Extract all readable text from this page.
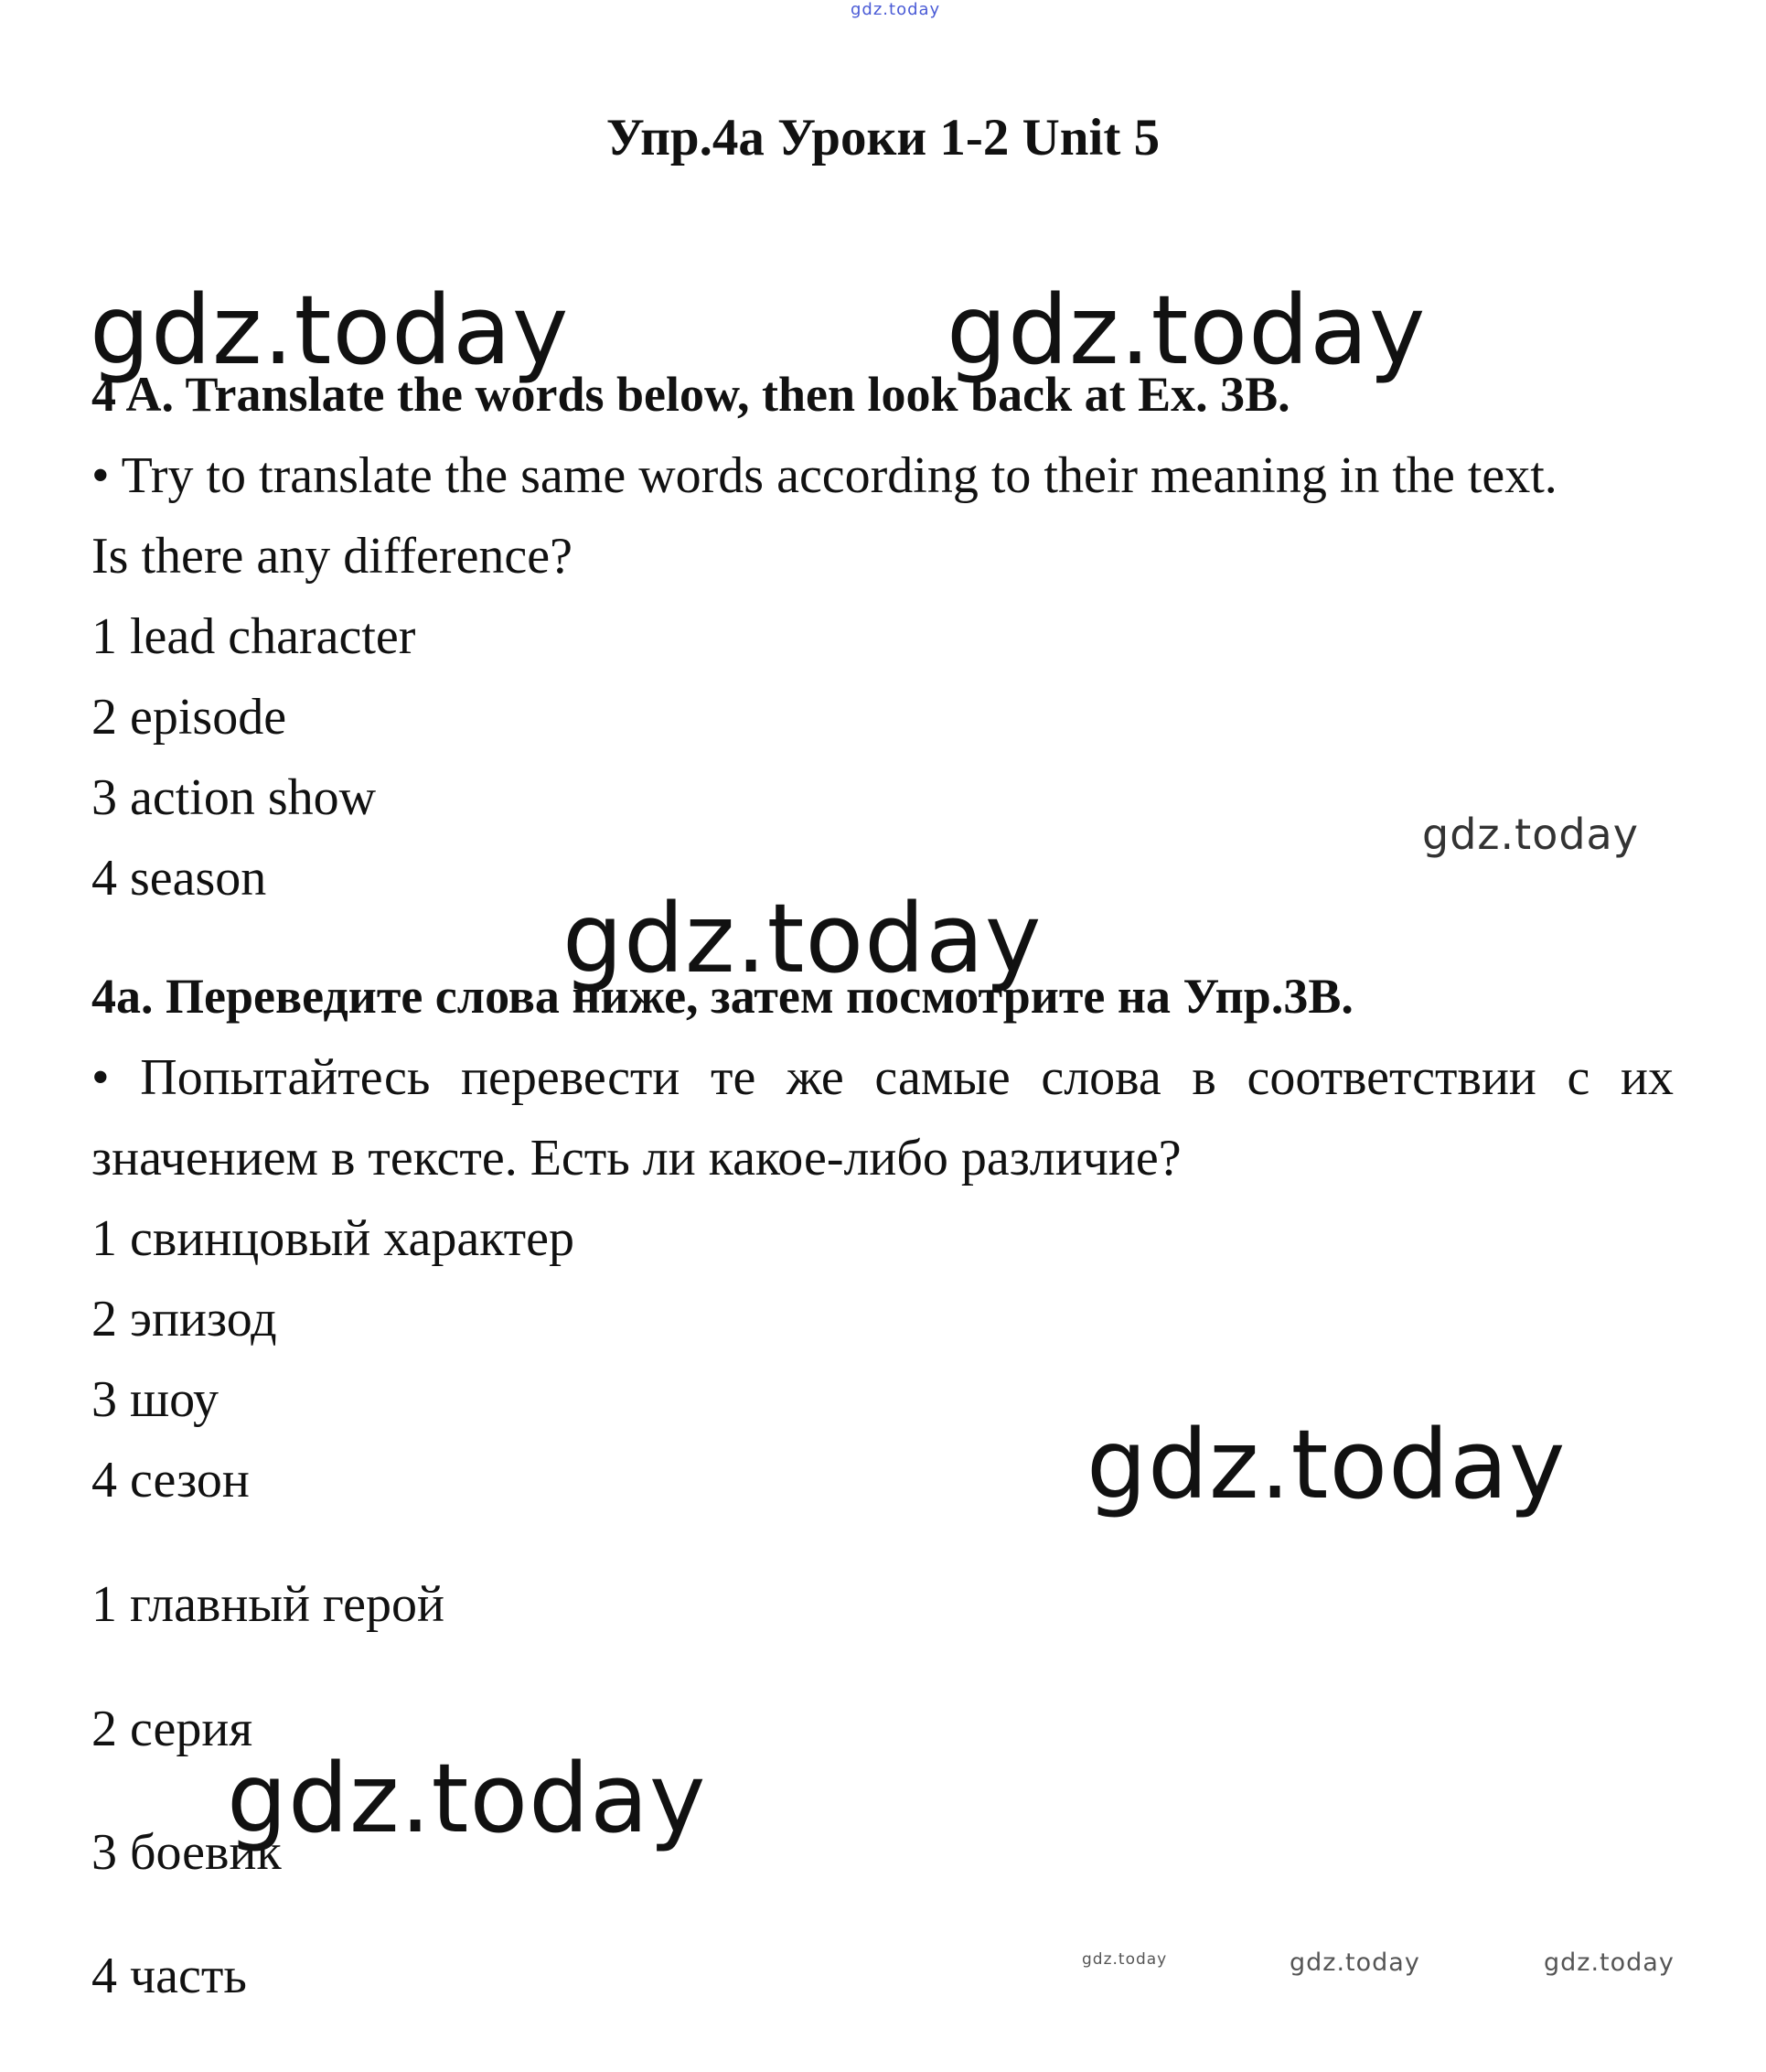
gdz.today
Упр.4а Уроки 1-2 Unit 5
gdz.today	gdz.today
4 A. Translate the words below, then look back at Ex. 3B.
• Try to translate the same words according to their meaning in the text.
Is there any difference?
1 lead character
2 episode
3 action show
4 season
gdz.today
gdz.today
4а. Переведите слова ниже, затем посмотрите на Упр.3B.
• Попытайтесь перевести те же самые слова в соответствии с их
значением в тексте. Есть ли какое-либо различие?
1 свинцовый характер
2 эпизод
3 шоу
4 сезон	gdz.today
1 главный герой
2 серия
3 боевик
4 часть
gdz.today
gdz.today	gdz.today	gdz.today
